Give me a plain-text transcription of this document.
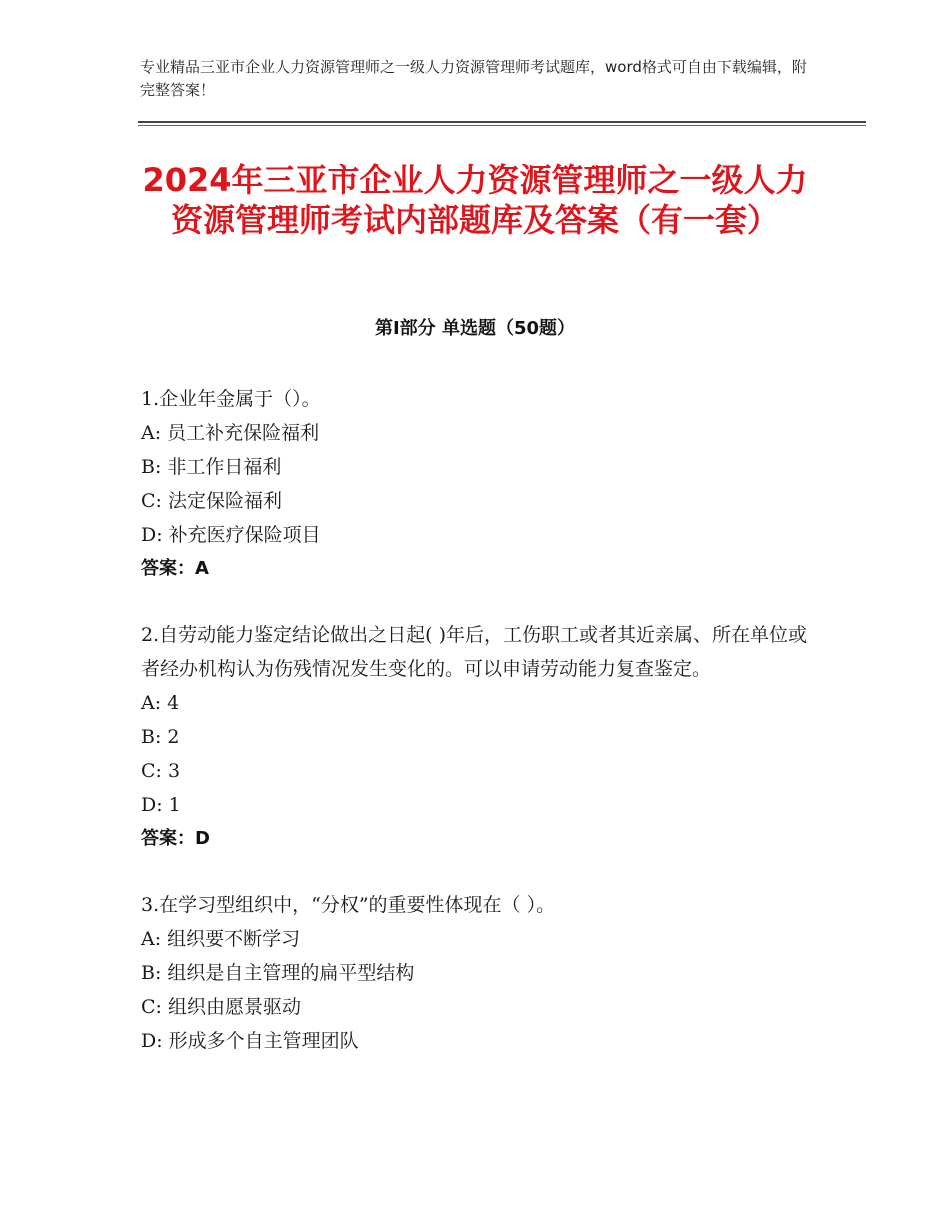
专业精品三亚市企业人力资源管理师之一级人力资源管理师考试题库，word格式可自由下载编辑，附完整答案！
2024年三亚市企业人力资源管理师之一级人力资源管理师考试内部题库及答案（有一套）
第Ⅰ部分 单选题（50题）
1.企业年金属于（）。
A: 员工补充保险福利
B: 非工作日福利
C: 法定保险福利
D: 补充医疗保险项目
答案：A
2.自劳动能力鉴定结论做出之日起( )年后，工伤职工或者其近亲属、所在单位或者经办机构认为伤残情况发生变化的。可以申请劳动能力复查鉴定。
A: 4
B: 2
C: 3
D: 1
答案：D
3.在学习型组织中，“分权”的重要性体现在（ ）。
A: 组织要不断学习
B: 组织是自主管理的扁平型结构
C: 组织由愿景驱动
D: 形成多个自主管理团队
